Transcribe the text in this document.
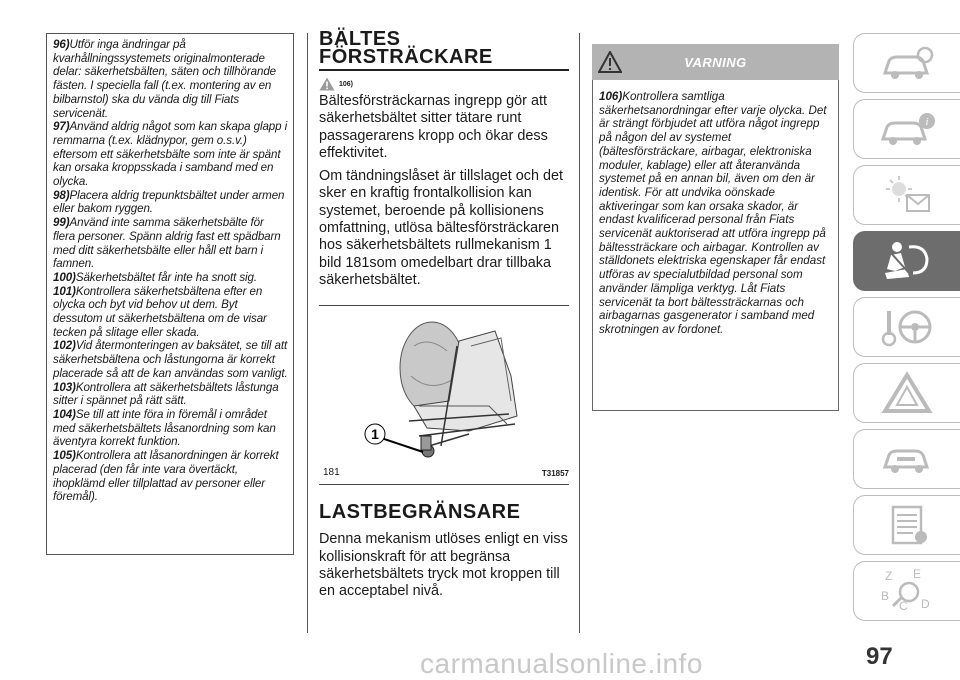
96)Utför inga ändringar på kvarhållningssystemets originalmonterade delar: säkerhetsbälten, säten och tillhörande fästen. I speciella fall (t.ex. montering av en bilbarnstol) ska du vända dig till Fiats servicenät.

97)Använd aldrig något som kan skapa glapp i remmarna (t.ex. klädnypor, gem o.s.v.) eftersom ett säkerhetsbälte som inte är spänt kan orsaka kroppsskada i samband med en olycka.

98)Placera aldrig trepunktsbältet under armen eller bakom ryggen.

99)Använd inte samma säkerhetsbälte för flera personer. Spänn aldrig fast ett spädbarn med ditt säkerhetsbälte eller håll ett barn i famnen.

100)Säkerhetsbältet får inte ha snott sig.

101)Kontrollera säkerhetsbältena efter en olycka och byt vid behov ut dem. Byt dessutom ut säkerhetsbältena om de visar tecken på slitage eller skada.

102)Vid återmonteringen av baksätet, se till att säkerhetsbältena och låstungorna är korrekt placerade så att de kan användas som vanligt.

103)Kontrollera att säkerhetsbältets låstunga sitter i spännet på rätt sätt.

104)Se till att inte föra in föremål i området med säkerhetsbältets låsanordning som kan äventyra korrekt funktion.

105)Kontrollera att låsanordningen är korrekt placerad (den får inte vara övertäckt, ihopklämd eller tillplattad av personer eller föremål).

BÄLTES
FÖRSTRÄCKARE
106)

Bältesförsträckarnas ingrepp gör att säkerhetsbältet sitter tätare runt passagerarens kropp och ökar dess effektivitet.

Om tändningslåset är tillslaget och det sker en kraftig frontalkollision kan systemet, beroende på kollisionens omfattning, utlösa bältesförsträckaren hos säkerhetsbältets rullmekanism 1 bild 181som omedelbart drar tillbaka säkerhetsbältet.

1
181	T31857
LASTBEGRÄNSARE

Denna mekanism utlöses enligt en viss kollisionskraft för att begränsa säkerhetsbältets tryck mot kroppen till en acceptabel nivå.

VARNING
106)Kontrollera samtliga säkerhetsanordningar efter varje olycka. Det är strängt förbjudet att utföra något ingrepp på någon del av systemet (bältesförsträckare, airbagar, elektroniska moduler, kablage) eller att återanvända systemet på en annan bil, även om den är identisk. För att undvika oönskade aktiveringar som kan orsaka skador, är endast kvalificerad personal från Fiats servicenät auktoriserad att utföra ingrepp på bältessträckare och airbagar. Kontrollen av ställdonets elektriska egenskaper får endast utföras av specialutbildad personal som använder lämpliga verktyg. Låt Fiats servicenät ta bort bältessträckarnas och airbagarnas gasgenerator i samband med skrotningen av fordonet.
i
Z E
B
C D
carmanualsonline.info	97
